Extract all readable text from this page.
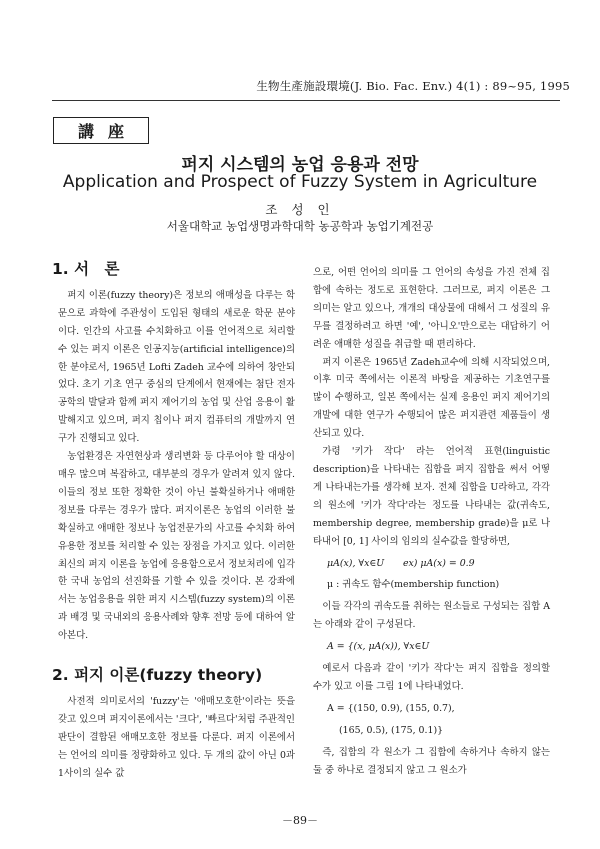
生物生產施設環境(J. Bio. Fac. Env.) 4(1) : 89~95, 1995
講座
퍼지 시스템의 농업 응용과 전망
Application and Prospect of Fuzzy System in Agriculture
조 성 인
서울대학교 농업생명과학대학 농공학과 농업기계전공
1. 서　론

퍼지 이론(fuzzy theory)은 정보의 애매성을 다루는 학문으로 과학에 주관성이 도입된 형태의 새로운 학문 분야이다. 인간의 사고를 수치화하고 이를 언어적으로 처리할 수 있는 퍼지 이론은 인공지능(artificial intelligence)의 한 분야로서, 1965년 Lofti Zadeh 교수에 의하여 창안되었다. 초기 기초 연구 중심의 단계에서 현재에는 첨단 전자공학의 발달과 함께 퍼지 제어기의 농업 및 산업 응용이 활발해지고 있으며, 퍼지 칩이나 퍼지 컴퓨터의 개발까지 연구가 진행되고 있다.

농업환경은 자연현상과 생리변화 등 다루어야 할 대상이 매우 많으며 복잡하고, 대부분의 경우가 알려져 있지 않다. 이들의 정보 또한 정확한 것이 아닌 불확실하거나 애매한 정보를 다루는 경우가 많다. 퍼지이론은 농업의 이러한 불확실하고 애매한 정보나 농업전문가의 사고를 수치화 하여 유용한 정보를 처리할 수 있는 장점을 가지고 있다. 이러한 최신의 퍼지 이론을 농업에 응용함으로서 정보처리에 입각한 국내 농업의 선진화를 기할 수 있을 것이다. 본 강좌에서는 농업응용을 위한 퍼지 시스템(fuzzy system)의 이론과 배경 및 국내외의 응용사례와 향후 전망 등에 대하여 알아본다.

2. 퍼지 이론(fuzzy theory)

사전적 의미로서의 'fuzzy'는 '애매모호한'이라는 뜻을 갖고 있으며 퍼지이론에서는 '크다', '빠르다'처럼 주관적인 판단이 결합된 애매모호한 정보를 다룬다. 퍼지 이론에서는 언어의 의미를 정량화하고 있다. 두 개의 값이 아닌 0과 1사이의 실수 값

으로, 어떤 언어의 의미를 그 언어의 속성을 가진 전체 집합에 속하는 정도로 표현한다. 그러므로, 퍼지 이론은 그 의미는 알고 있으나, 개개의 대상물에 대해서 그 성질의 유무를 결정하려고 하면 '예', '아니오'만으로는 대답하기 어려운 애매한 성질을 취급할 때 편리하다.

퍼지 이론은 1965년 Zadeh교수에 의해 시작되었으며, 이후 미국 쪽에서는 이론적 바탕을 제공하는 기초연구를 많이 수행하고, 일본 쪽에서는 실제 응용인 퍼지 제어기의 개발에 대한 연구가 수행되어 많은 퍼지관련 제품들이 생산되고 있다.

가령 '키가 작다' 라는 언어적 표현(linguistic description)을 나타내는 집합을 퍼지 집합을 써서 어떻게 나타내는가를 생각해 보자. 전체 집합을 U라하고, 각각의 원소에 '키가 작다'라는 정도를 나타내는 값(귀속도, membership degree, membership grade)을 μ로 나타내어 [0, 1] 사이의 임의의 실수값을 할당하면,

μA(x), ∀x∈U　　ex) μA(x) = 0.9
μ : 귀속도 함수(membership function)

이들 각각의 귀속도를 취하는 원소들로 구성되는 집합 A는 아래와 같이 구성된다.

A = {(x, μA(x)), ∀x∈U

예로서 다음과 같이 '키가 작다'는 퍼지 집합을 정의할 수가 있고 이를 그림 1에 나타내었다.

A = {(150, 0.9), (155, 0.7),
(165, 0.5), (175, 0.1)}

즉, 집합의 각 원소가 그 집합에 속하거나 속하지 않는 둘 중 하나로 결정되지 않고 그 원소가

－89－
